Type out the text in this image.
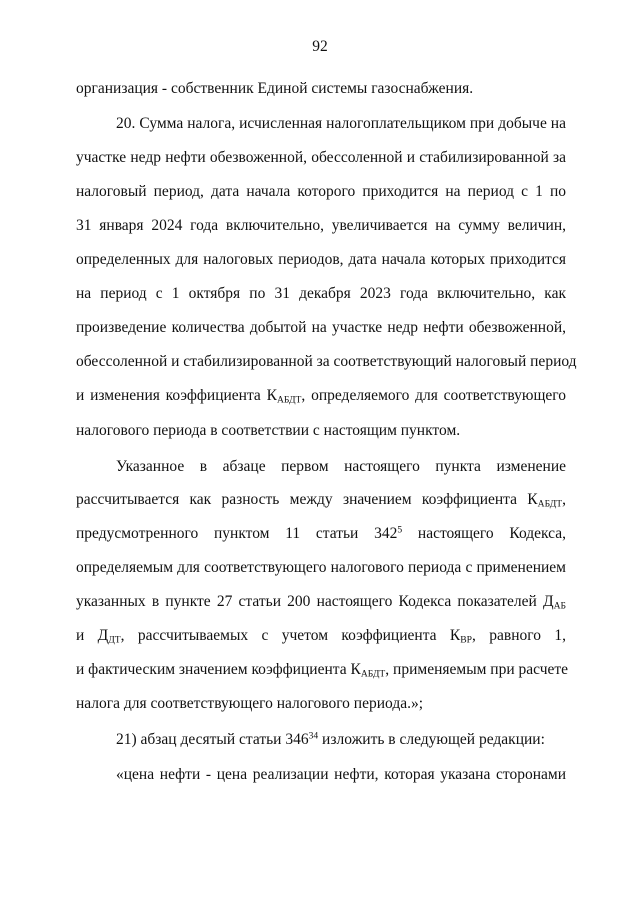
92
организация - собственник Единой системы газоснабжения.
20. Сумма налога, исчисленная налогоплательщиком при добыче на
участке недр нефти обезвоженной, обессоленной и стабилизированной за
налоговый период, дата начала которого приходится на период с 1 по
31 января 2024 года включительно, увеличивается на сумму величин,
определенных для налоговых периодов, дата начала которых приходится
на период с 1 октября по 31 декабря 2023 года включительно, как
произведение количества добытой на участке недр нефти обезвоженной,
обессоленной и стабилизированной за соответствующий налоговый период
и изменения коэффициента $К_{АБДТ}$, определяемого для соответствующего
налогового периода в соответствии с настоящим пунктом.
Указанное в абзаце первом настоящего пункта изменение
рассчитывается как разность между значением коэффициента $К_{АБДТ}$,
предусмотренного пунктом 11 статьи $342^5$ настоящего Кодекса,
определяемым для соответствующего налогового периода с применением
указанных в пункте 27 статьи 200 настоящего Кодекса показателей $Д_{АБ}$
и $Д_{ДТ}$, рассчитываемых с учетом коэффициента $К_{ВР}$, равного 1,
и фактическим значением коэффициента $К_{АБДТ}$, применяемым при расчете
налога для соответствующего налогового периода.»;
21) абзац десятый статьи $346^{34}$ изложить в следующей редакции:
«цена нефти - цена реализации нефти, которая указана сторонами
